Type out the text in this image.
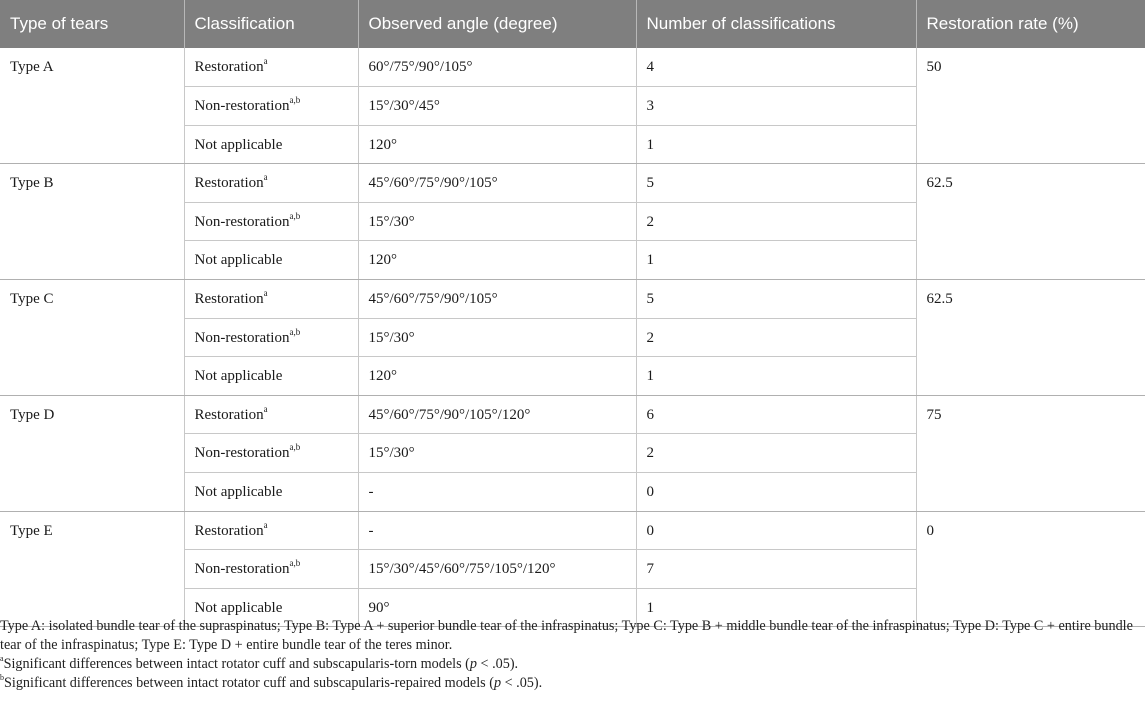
Type of tears	Classification	Observed angle (degree)	Number of classifications	Restoration rate (%)
Type A	Restoration$^a$	60°/75°/90°/105°	4	50
	Non-restoration$^{a,b}$	15°/30°/45°	3	
	Not applicable	120°	1	
Type B	Restoration$^a$	45°/60°/75°/90°/105°	5	62.5
	Non-restoration$^{a,b}$	15°/30°	2	
	Not applicable	120°	1	
Type C	Restoration$^a$	45°/60°/75°/90°/105°	5	62.5
	Non-restoration$^{a,b}$	15°/30°	2	
	Not applicable	120°	1	
Type D	Restoration$^a$	45°/60°/75°/90°/105°/120°	6	75
	Non-restoration$^{a,b}$	15°/30°	2	
	Not applicable	-	0	
Type E	Restoration$^a$	-	0	0
	Non-restoration$^{a,b}$	15°/30°/45°/60°/75°/105°/120°	7	
	Not applicable	90°	1	

Type A: isolated bundle tear of the supraspinatus; Type B: Type A + superior bundle tear of the infraspinatus; Type C: Type B + middle bundle tear of the infraspinatus; Type D: Type C + entire bundle tear of the infraspinatus; Type E: Type D + entire bundle tear of the teres minor.

$^a$Significant differences between intact rotator cuff and subscapularis-torn models (p < .05).

$^b$Significant differences between intact rotator cuff and subscapularis-repaired models (p < .05).
